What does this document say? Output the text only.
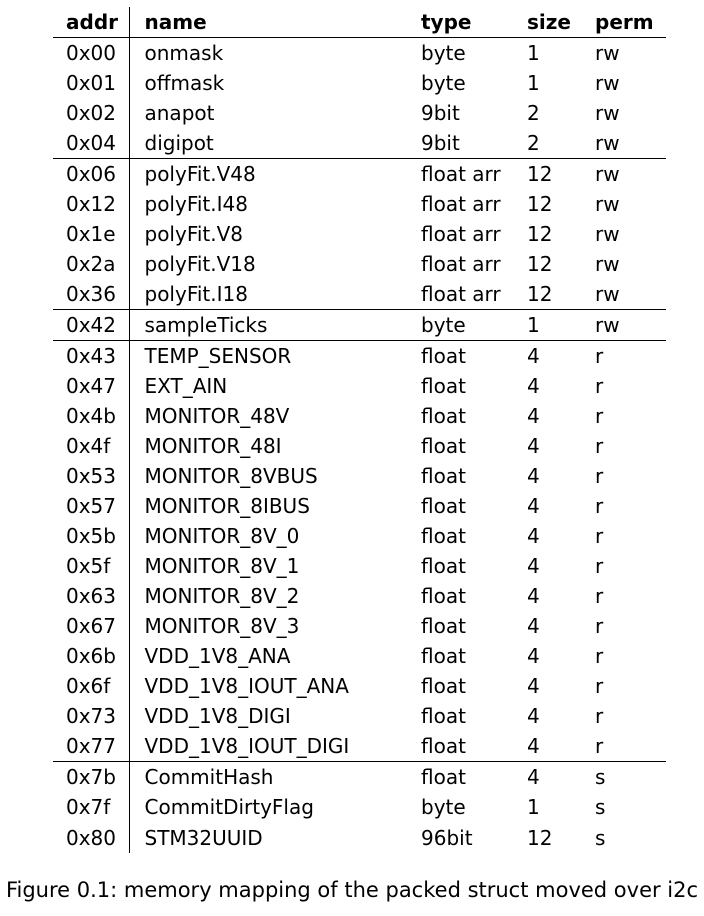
addr	name	type	size	perm
0x00	onmask	byte	1	rw
0x01	offmask	byte	1	rw
0x02	anapot	9bit	2	rw
0x04	digipot	9bit	2	rw
0x06	polyFit.V48	float arr	12	rw
0x12	polyFit.I48	float arr	12	rw
0x1e	polyFit.V8	float arr	12	rw
0x2a	polyFit.V18	float arr	12	rw
0x36	polyFit.I18	float arr	12	rw
0x42	sampleTicks	byte	1	rw
0x43	TEMP_SENSOR	float	4	r
0x47	EXT_AIN	float	4	r
0x4b	MONITOR_48V	float	4	r
0x4f	MONITOR_48I	float	4	r
0x53	MONITOR_8VBUS	float	4	r
0x57	MONITOR_8IBUS	float	4	r
0x5b	MONITOR_8V_0	float	4	r
0x5f	MONITOR_8V_1	float	4	r
0x63	MONITOR_8V_2	float	4	r
0x67	MONITOR_8V_3	float	4	r
0x6b	VDD_1V8_ANA	float	4	r
0x6f	VDD_1V8_IOUT_ANA	float	4	r
0x73	VDD_1V8_DIGI	float	4	r
0x77	VDD_1V8_IOUT_DIGI	float	4	r
0x7b	CommitHash	float	4	s
0x7f	CommitDirtyFlag	byte	1	s
0x80	STM32UUID	96bit	12	s
Figure 0.1: memory mapping of the packed struct moved over i2c
